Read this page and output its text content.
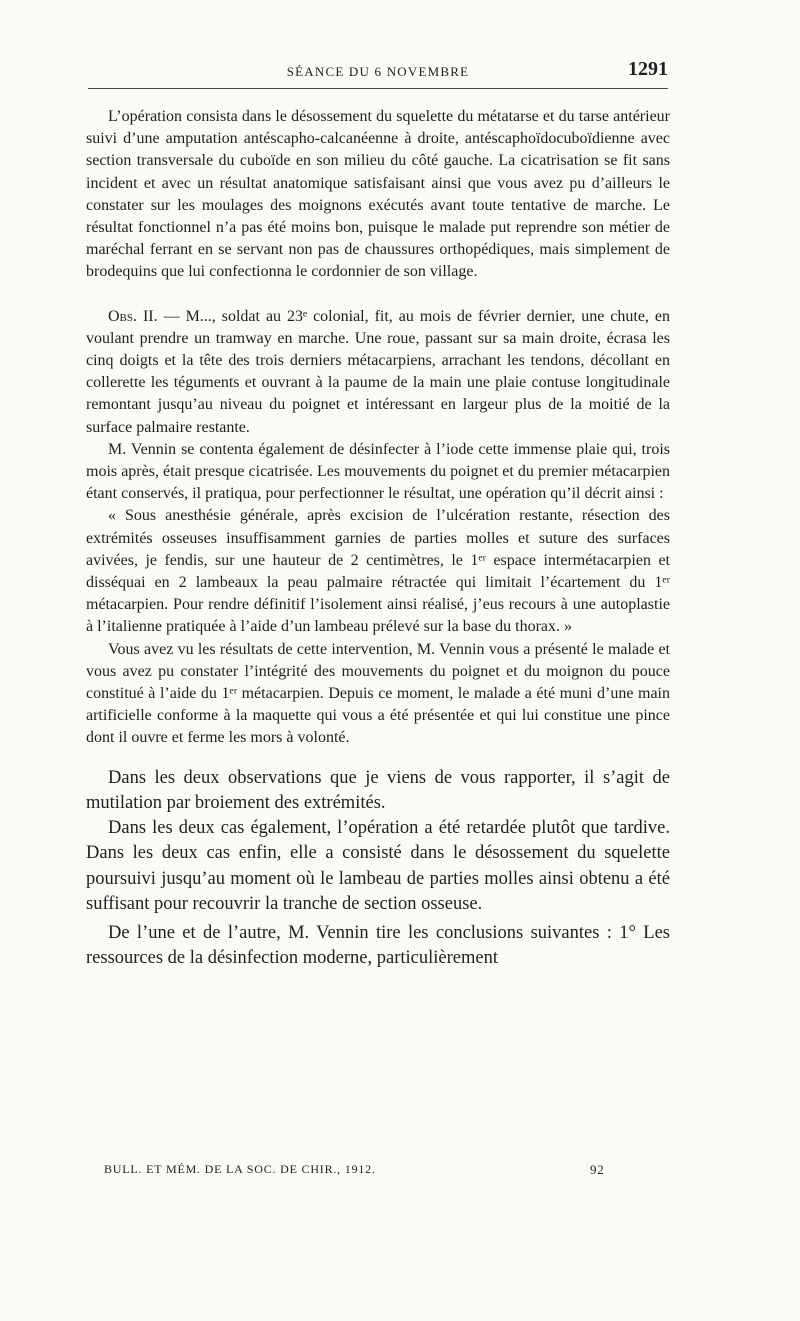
SÉANCE DU 6 NOVEMBRE	1291

L’opération consista dans le désossement du squelette du métatarse et du tarse antérieur suivi d’une amputation antéscapho-calcanéenne à droite, antéscaphoïdocuboïdienne avec section transversale du cuboïde en son milieu du côté gauche. La cicatrisation se fit sans incident et avec un résultat anatomique satisfaisant ainsi que vous avez pu d’ailleurs le constater sur les moulages des moignons exécutés avant toute tentative de marche. Le résultat fonctionnel n’a pas été moins bon, puisque le malade put reprendre son métier de maréchal ferrant en se servant non pas de chaussures orthopédiques, mais simplement de brodequins que lui confectionna le cordonnier de son village.

Obs. II. — M..., soldat au 23ᵉ colonial, fit, au mois de février dernier, une chute, en voulant prendre un tramway en marche. Une roue, passant sur sa main droite, écrasa les cinq doigts et la tête des trois derniers métacarpiens, arrachant les tendons, décollant en collerette les téguments et ouvrant à la paume de la main une plaie contuse longitudinale remontant jusqu’au niveau du poignet et intéressant en largeur plus de la moitié de la surface palmaire restante.

M. Vennin se contenta également de désinfecter à l’iode cette immense plaie qui, trois mois après, était presque cicatrisée. Les mouvements du poignet et du premier métacarpien étant conservés, il pratiqua, pour perfectionner le résultat, une opération qu’il décrit ainsi :

« Sous anesthésie générale, après excision de l’ulcération restante, résection des extrémités osseuses insuffisamment garnies de parties molles et suture des surfaces avivées, je fendis, sur une hauteur de 2 centimètres, le 1ᵉʳ espace intermétacarpien et disséquai en 2 lambeaux la peau palmaire rétractée qui limitait l’écartement du 1ᵉʳ métacarpien. Pour rendre définitif l’isolement ainsi réalisé, j’eus recours à une autoplastie à l’italienne pratiquée à l’aide d’un lambeau prélevé sur la base du thorax. »

Vous avez vu les résultats de cette intervention, M. Vennin vous a présenté le malade et vous avez pu constater l’intégrité des mouvements du poignet et du moignon du pouce constitué à l’aide du 1ᵉʳ métacarpien. Depuis ce moment, le malade a été muni d’une main artificielle conforme à la maquette qui vous a été présentée et qui lui constitue une pince dont il ouvre et ferme les mors à volonté.

Dans les deux observations que je viens de vous rapporter, il s’agit de mutilation par broiement des extrémités.

Dans les deux cas également, l’opération a été retardée plutôt que tardive. Dans les deux cas enfin, elle a consisté dans le désossement du squelette poursuivi jusqu’au moment où le lambeau de parties molles ainsi obtenu a été suffisant pour recouvrir la tranche de section osseuse.

De l’une et de l’autre, M. Vennin tire les conclusions suivantes : 1° Les ressources de la désinfection moderne, particulièrement

BULL. ET MÉM. DE LA SOC. DE CHIR., 1912.	92
